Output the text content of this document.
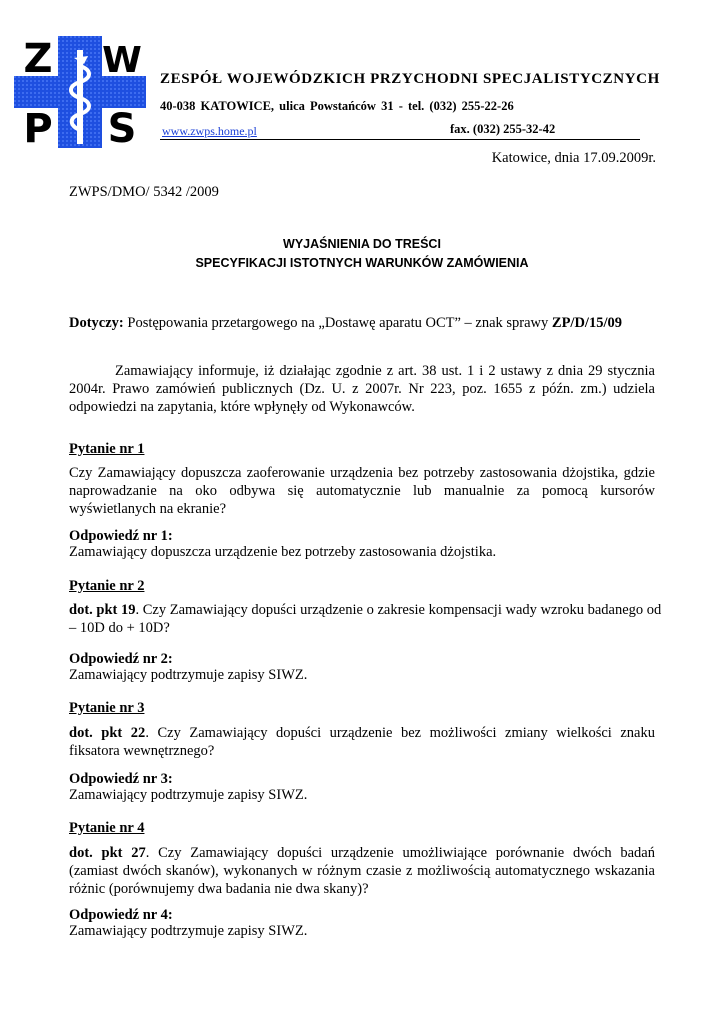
Z W
P S
ZESPÓŁ WOJEWÓDZKICH PRZYCHODNI SPECJALISTYCZNYCH
40-038 KATOWICE, ulica Powstańców 31 - tel. (032) 255-22-26
www.zwps.home.pl	fax. (032) 255-32-42
Katowice, dnia 17.09.2009r.
ZWPS/DMO/ 5342 /2009
WYJAŚNIENIA DO TREŚCI
SPECYFIKACJI ISTOTNYCH WARUNKÓW ZAMÓWIENIA
Dotyczy: Postępowania przetargowego na „Dostawę aparatu OCT” – znak sprawy ZP/D/15/09
Zamawiający informuje, iż działając zgodnie z art. 38 ust. 1 i 2 ustawy z dnia 29 stycznia 2004r. Prawo zamówień publicznych (Dz. U. z 2007r. Nr 223, poz. 1655 z późn. zm.) udziela odpowiedzi na zapytania, które wpłynęły od Wykonawców.
Pytanie nr 1
Czy Zamawiający dopuszcza zaoferowanie urządzenia bez potrzeby zastosowania dżojstika, gdzie naprowadzanie na oko odbywa się automatycznie lub manualnie za pomocą kursorów wyświetlanych na ekranie?
Odpowiedź nr 1:
Zamawiający dopuszcza urządzenie bez potrzeby zastosowania dżojstika.
Pytanie nr 2
dot. pkt 19. Czy Zamawiający dopuści urządzenie o zakresie kompensacji wady wzroku badanego od – 10D do + 10D?
Odpowiedź nr 2:
Zamawiający podtrzymuje zapisy SIWZ.
Pytanie nr 3
dot. pkt 22. Czy Zamawiający dopuści urządzenie bez możliwości zmiany wielkości znaku fiksatora wewnętrznego?
Odpowiedź nr 3:
Zamawiający podtrzymuje zapisy SIWZ.
Pytanie nr 4
dot. pkt 27. Czy Zamawiający dopuści urządzenie umożliwiające porównanie dwóch badań (zamiast dwóch skanów), wykonanych w różnym czasie z możliwością automatycznego wskazania różnic (porównujemy dwa badania nie dwa skany)?
Odpowiedź nr 4:
Zamawiający podtrzymuje zapisy SIWZ.
